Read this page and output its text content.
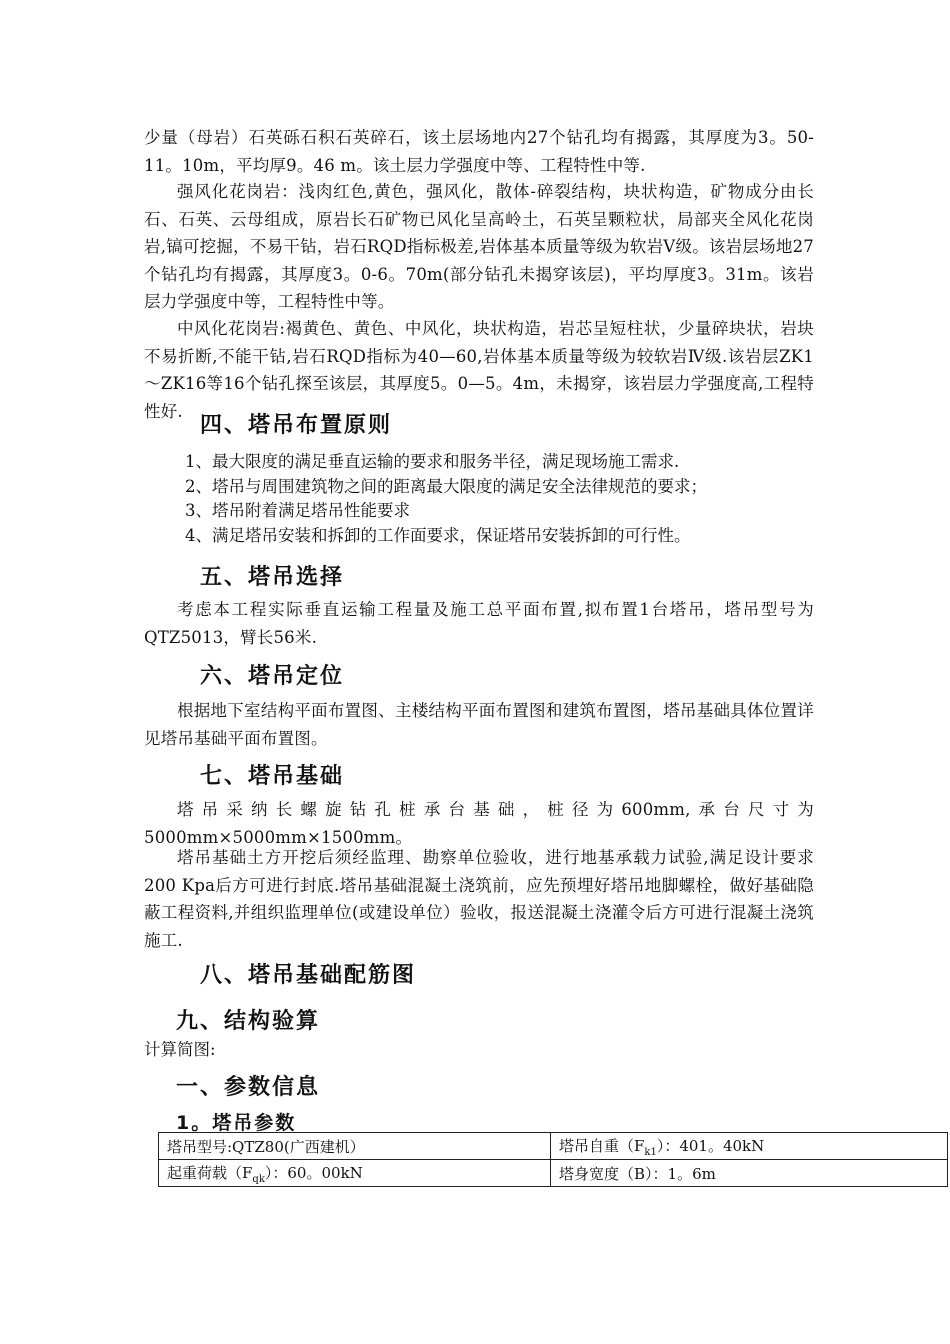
少量（母岩）石英砾石积石英碎石，该土层场地内27个钻孔均有揭露，其厚度为3。50-11。10m，平均厚9。46 m。该土层力学强度中等、工程特性中等.

强风化花岗岩：浅肉红色,黄色，强风化，散体-碎裂结构，块状构造，矿物成分由长石、石英、云母组成，原岩长石矿物已风化呈高岭土，石英呈颗粒状，局部夹全风化花岗岩,镐可挖掘，不易干钻，岩石RQD指标极差,岩体基本质量等级为软岩V级。该岩层场地27个钻孔均有揭露，其厚度3。0-6。70m(部分钻孔未揭穿该层)，平均厚度3。31m。该岩层力学强度中等，工程特性中等。

中风化花岗岩:褐黄色、黄色、中风化，块状构造，岩芯呈短柱状，少量碎块状，岩块不易折断,不能干钻,岩石RQD指标为40—60,岩体基本质量等级为较软岩Ⅳ级.该岩层ZK1～ZK16等16个钻孔探至该层，其厚度5。0—5。4m，未揭穿，该岩层力学强度高,工程特性好.

四、塔吊布置原则

1、最大限度的满足垂直运输的要求和服务半径，满足现场施工需求.

2、塔吊与周围建筑物之间的距离最大限度的满足安全法律规范的要求；

3、塔吊附着满足塔吊性能要求

4、满足塔吊安装和拆卸的工作面要求，保证塔吊安装拆卸的可行性。

五、塔吊选择

考虑本工程实际垂直运输工程量及施工总平面布置,拟布置1台塔吊，塔吊型号为QTZ5013，臂长56米.

六、塔吊定位

根据地下室结构平面布置图、主楼结构平面布置图和建筑布置图，塔吊基础具体位置详见塔吊基础平面布置图。

七、塔吊基础

塔吊采纳长螺旋钻孔桩承台基础，桩径为600mm,承台尺寸为5000mm×5000mm×1500mm。

塔吊基础土方开挖后须经监理、勘察单位验收，进行地基承载力试验,满足设计要求200 Kpa后方可进行封底.塔吊基础混凝土浇筑前，应先预埋好塔吊地脚螺栓，做好基础隐蔽工程资料,并组织监理单位(或建设单位）验收，报送混凝土浇灌令后方可进行混凝土浇筑施工.

八、塔吊基础配筋图
九、结构验算

计算简图:

一、参数信息
1。塔吊参数
塔吊型号:QTZ80(广西建机）	塔吊自重$(F_{k1})$：401。40kN
起重荷载$(F_{qk})$：60。00kN	塔身宽度（B）：1。6m
